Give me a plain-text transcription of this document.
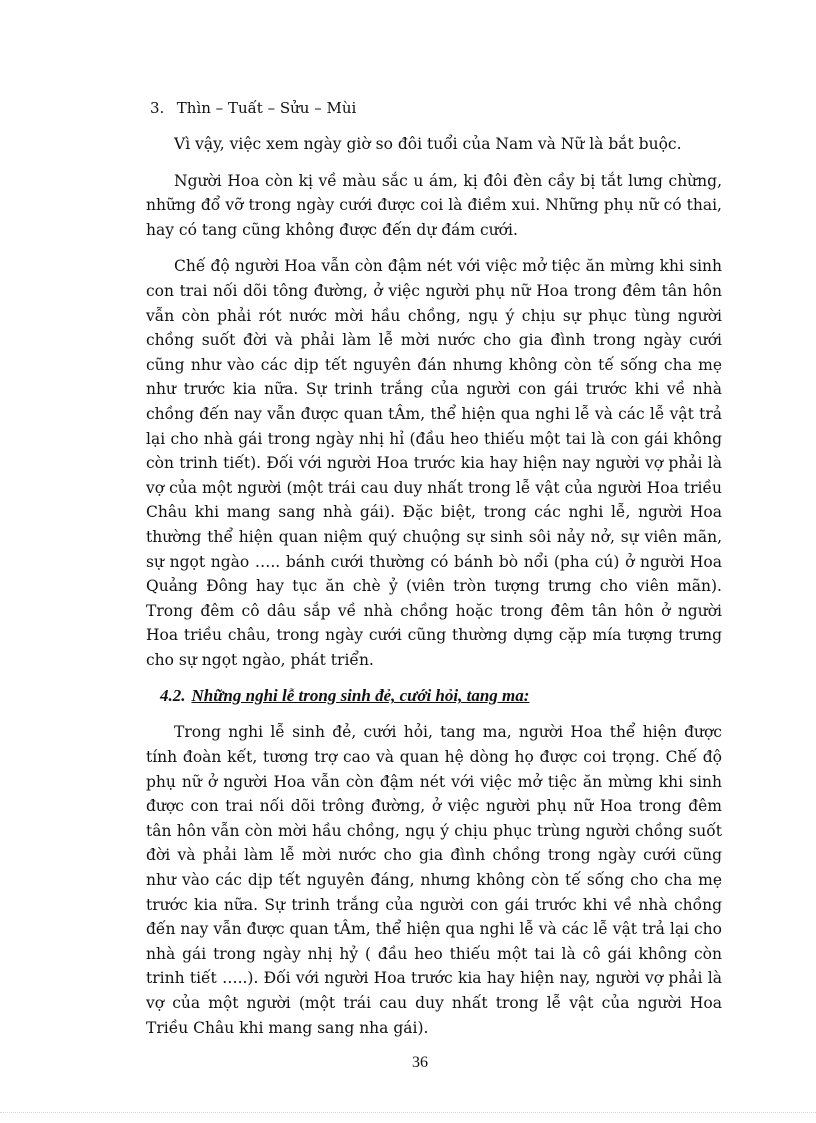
3. Thìn – Tuất – Sửu – Mùi

Vì vậy, việc xem ngày giờ so đôi tuổi của Nam và Nữ là bắt buộc.

Người Hoa còn kị về màu sắc u ám, kị đôi đèn cầy bị tắt lưng chừng, những đổ vỡ trong ngày cưới được coi là điềm xui. Những phụ nữ có thai, hay có tang cũng không được đến dự đám cưới.

Chế độ người Hoa vẫn còn đậm nét với việc mở tiệc ăn mừng khi sinh con trai nối dõi tông đường, ở việc người phụ nữ Hoa trong đêm tân hôn vẫn còn phải rót nước mời hầu chồng, ngụ ý chịu sự phục tùng người chồng suốt đời và phải làm lễ mời nước cho gia đình trong ngày cưới cũng như vào các dịp tết nguyên đán nhưng không còn tế sống cha mẹ như trước kia nữa. Sự trinh trắng của người con gái trước khi về nhà chồng đến nay vẫn được quan tÂm, thể hiện qua nghi lễ và các lễ vật trả lại cho nhà gái trong ngày nhị hỉ (đầu heo thiếu một tai là con gái không còn trinh tiết). Đối với người Hoa trước kia hay hiện nay người vợ phải là vợ của một người (một trái cau duy nhất trong lễ vật của người Hoa triều Châu khi mang sang nhà gái). Đặc biệt, trong các nghi lễ, người Hoa thường thể hiện quan niệm quý chuộng sự sinh sôi nảy nở, sự viên mãn, sự ngọt ngào ….. bánh cưới thường có bánh bò nổi (pha cú) ở người Hoa Quảng Đông hay tục ăn chè ỷ (viên tròn tượng trưng cho viên mãn). Trong đêm cô dâu sắp về nhà chồng hoặc trong đêm tân hôn ở người Hoa triều châu, trong ngày cưới cũng thường dựng cặp mía tượng trưng cho sự ngọt ngào, phát triển.

4.2. Những nghi lễ trong sinh đẻ, cưới hỏi, tang ma:

Trong nghi lễ sinh đẻ, cưới hỏi, tang ma, người Hoa thể hiện được tính đoàn kết, tương trợ cao và quan hệ dòng họ được coi trọng. Chế độ phụ nữ ở người Hoa vẫn còn đậm nét với việc mở tiệc ăn mừng khi sinh được con trai nối dõi trông đường, ở việc người phụ nữ Hoa trong đêm tân hôn vẫn còn mời hầu chồng, ngụ ý chịu phục trùng người chồng suốt đời và phải làm lễ mời nước cho gia đình chồng trong ngày cưới cũng như vào các dịp tết nguyên đáng, nhưng không còn tế sống cho cha mẹ trước kia nữa. Sự trinh trắng của người con gái trước khi về nhà chồng đến nay vẫn được quan tÂm, thể hiện qua nghi lễ và các lễ vật trả lại cho nhà gái trong ngày nhị hỷ ( đầu heo thiếu một tai là cô gái không còn trinh tiết …..). Đối với người Hoa trước kia hay hiện nay, người vợ phải là vợ của một người (một trái cau duy nhất trong lễ vật của người Hoa Triều Châu khi mang sang nha gái).

36
